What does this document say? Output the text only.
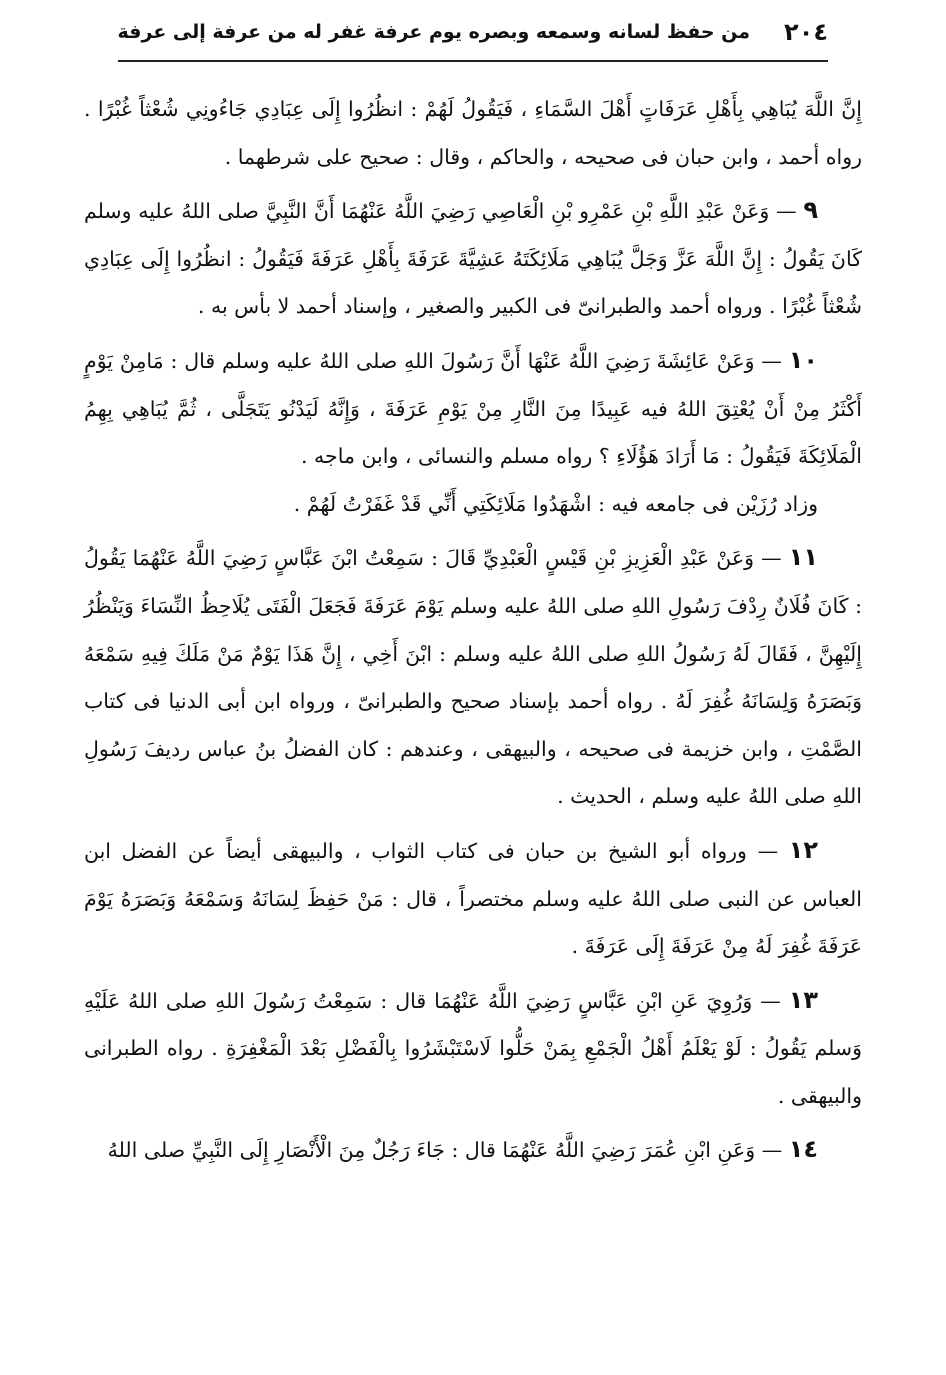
٢٠٤
من حفظ لسانه وسمعه وبصره يوم عرفة غفر له من عرفة إلى عرفة

إِنَّ اللَّهَ يُبَاهِي بِأَهْلِ عَرَفَاتٍ أَهْلَ السَّمَاءِ ، فَيَقُولُ لَهُمْ : انظُرُوا إِلَى عِبَادِي جَاءُونِي شُعْثاً غُبْرًا . رواه أحمد ، وابن حبان فى صحيحه ، والحاكم ، وقال : صحيح على شرطهما .

٩ — وَعَنْ عَبْدِ اللَّهِ بْنِ عَمْرِو بْنِ الْعَاصِي رَضِيَ اللَّهُ عَنْهُمَا أَنَّ النَّبِيَّ صلى اللهُ عليه وسلم كَانَ يَقُولُ : إِنَّ اللَّهَ عَزَّ وَجَلَّ يُبَاهِي مَلَائِكَتَهُ عَشِيَّةَ عَرَفَةَ بِأَهْلِ عَرَفَةَ فَيَقُولُ : انظُرُوا إِلَى عِبَادِي شُعْثاً غُبْرًا . ورواه أحمد والطبرانىّ فى الكبير والصغير ، وإسناد أحمد لا بأس به .

١٠ — وَعَنْ عَائِشَةَ رَضِيَ اللَّهُ عَنْهَا أَنَّ رَسُولَ اللهِ صلى اللهُ عليه وسلم قال : مَامِنْ يَوْمٍ أَكْثَرُ مِنْ أَنْ يُعْتِقَ اللهُ فيه عَبِيدًا مِنَ النَّارِ مِنْ يَوْمِ عَرَفَةَ ، وَإِنَّهُ لَيَدْنُو يَتَجَلَّى ، ثُمَّ يُبَاهِي بِهِمُ الْمَلَائِكَةَ فَيَقُولُ : مَا أَرَادَ هَؤُلَاءِ ؟ رواه مسلم والنسائى ، وابن ماجه .

وزاد رُزَيْن فى جامعه فيه : اشْهَدُوا مَلَائِكَتِي أَنِّي قَدْ غَفَرْتُ لَهُمْ .

١١ — وَعَنْ عَبْدِ الْعَزِيزِ بْنِ قَيْسٍ الْعَبْدِيِّ قَالَ : سَمِعْتُ ابْنَ عَبَّاسٍ رَضِيَ اللَّهُ عَنْهُمَا يَقُولُ : كَانَ فُلَانٌ رِدْفَ رَسُولِ اللهِ صلى اللهُ عليه وسلم يَوْمَ عَرَفَةَ فَجَعَلَ الْفَتَى يُلَاحِظُ النِّسَاءَ وَيَنْظُرُ إِلَيْهِنَّ ، فَقَالَ لَهُ رَسُولُ اللهِ صلى اللهُ عليه وسلم : ابْنَ أَخِي ، إِنَّ هَذَا يَوْمٌ مَنْ مَلَكَ فِيهِ سَمْعَهُ وَبَصَرَهُ وَلِسَانَهُ غُفِرَ لَهُ . رواه أحمد بإسناد صحيح والطبرانىّ ، ورواه ابن أبى الدنيا فى كتاب الصَّمْتِ ، وابن خزيمة فى صحيحه ، والبيهقى ، وعندهم : كان الفضلُ بنُ عباس رديفَ رَسُولِ اللهِ صلى اللهُ عليه وسلم ، الحديث .

١٢ — ورواه أبو الشيخ بن حبان فى كتاب الثواب ، والبيهقى أيضاً عن الفضل ابن العباس عن النبى صلى اللهُ عليه وسلم مختصراً ، قال : مَنْ حَفِظَ لِسَانَهُ وَسَمْعَهُ وَبَصَرَهُ يَوْمَ عَرَفَةَ غُفِرَ لَهُ مِنْ عَرَفَةَ إِلَى عَرَفَةَ .

١٣ — وَرُوِيَ عَنِ ابْنِ عَبَّاسٍ رَضِيَ اللَّهُ عَنْهُمَا قال : سَمِعْتُ رَسُولَ اللهِ صلى اللهُ عَلَيْهِ وَسلم يَقُولُ : لَوْ يَعْلَمُ أَهْلُ الْجَمْعِ بِمَنْ حَلُّوا لَاسْتَبْشَرُوا بِالْفَضْلِ بَعْدَ الْمَغْفِرَةِ . رواه الطبرانى والبيهقى .

١٤ — وَعَنِ ابْنِ عُمَرَ رَضِيَ اللَّهُ عَنْهُمَا قال : جَاءَ رَجُلٌ مِنَ الْأَنْصَارِ إِلَى النَّبِيِّ صلى اللهُ
